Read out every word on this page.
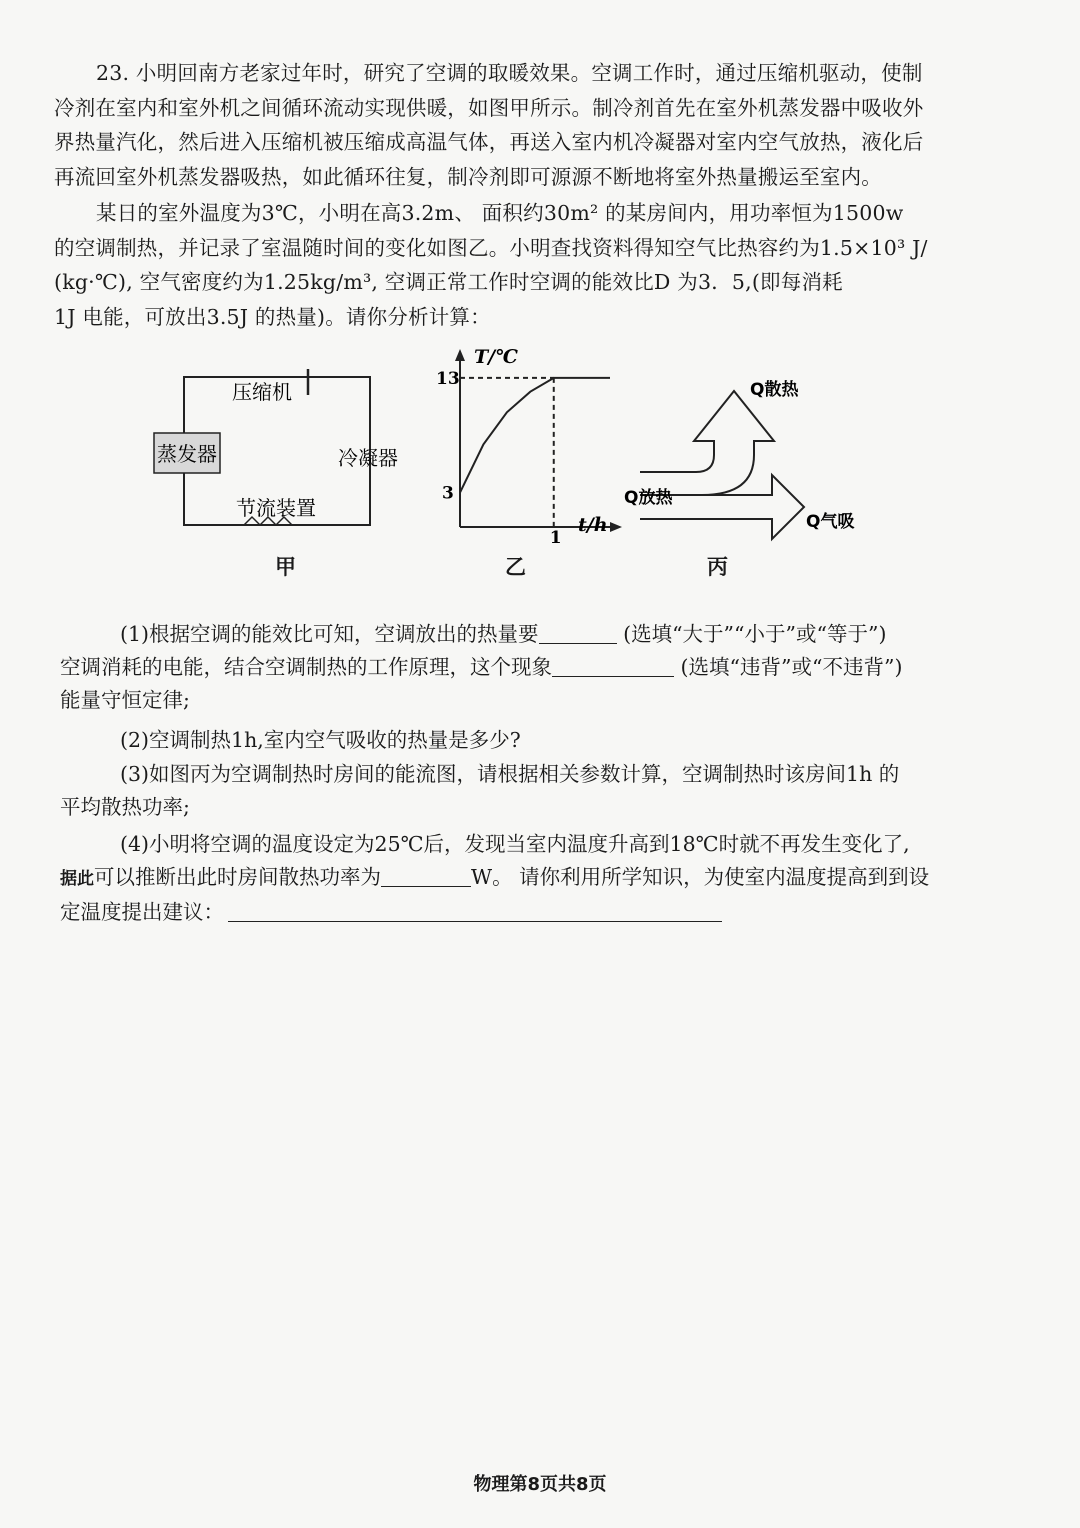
23. 小明回南方老家过年时，研究了空调的取暖效果。空调工作时，通过压缩机驱动，使制

冷剂在室内和室外机之间循环流动实现供暖，如图甲所示。制冷剂首先在室外机蒸发器中吸收外

界热量汽化，然后进入压缩机被压缩成高温气体，再送入室内机冷凝器对室内空气放热，液化后

再流回室外机蒸发器吸热，如此循环往复，制冷剂即可源源不断地将室外热量搬运至室内。

某日的室外温度为3℃，小明在高3.2m、 面积约30m² 的某房间内，用功率恒为1500w

的空调制热，并记录了室温随时间的变化如图乙。小明查找资料得知空气比热容约为1.5×10³ J/

(kg·℃), 空气密度约为1.25kg/m³, 空调正常工作时空调的能效比D 为3．5,(即每消耗

1J 电能，可放出3.5J 的热量)。请你分析计算：

压缩机
蒸发器	冷凝器
节流装置
甲
T/℃
t/h
13
3
1
乙
Q散热
Q放热
Q气吸
丙

(1)根据空调的能效比可知，空调放出的热量要	(选填“大于”“小于”或“等于”)

空调消耗的电能，结合空调制热的工作原理，这个现象	(选填“违背”或“不违背”)

能量守恒定律;

(2)空调制热1h,室内空气吸收的热量是多少?

(3)如图丙为空调制热时房间的能流图，请根据相关参数计算，空调制热时该房间1h 的

平均散热功率;

(4)小明将空调的温度设定为25℃后，发现当室内温度升高到18℃时就不再发生变化了,

据此可以推断出此时房间散热功率为	W。 请你利用所学知识，为使室内温度提高到到设

定温度提出建议：

物理第8页共8页
